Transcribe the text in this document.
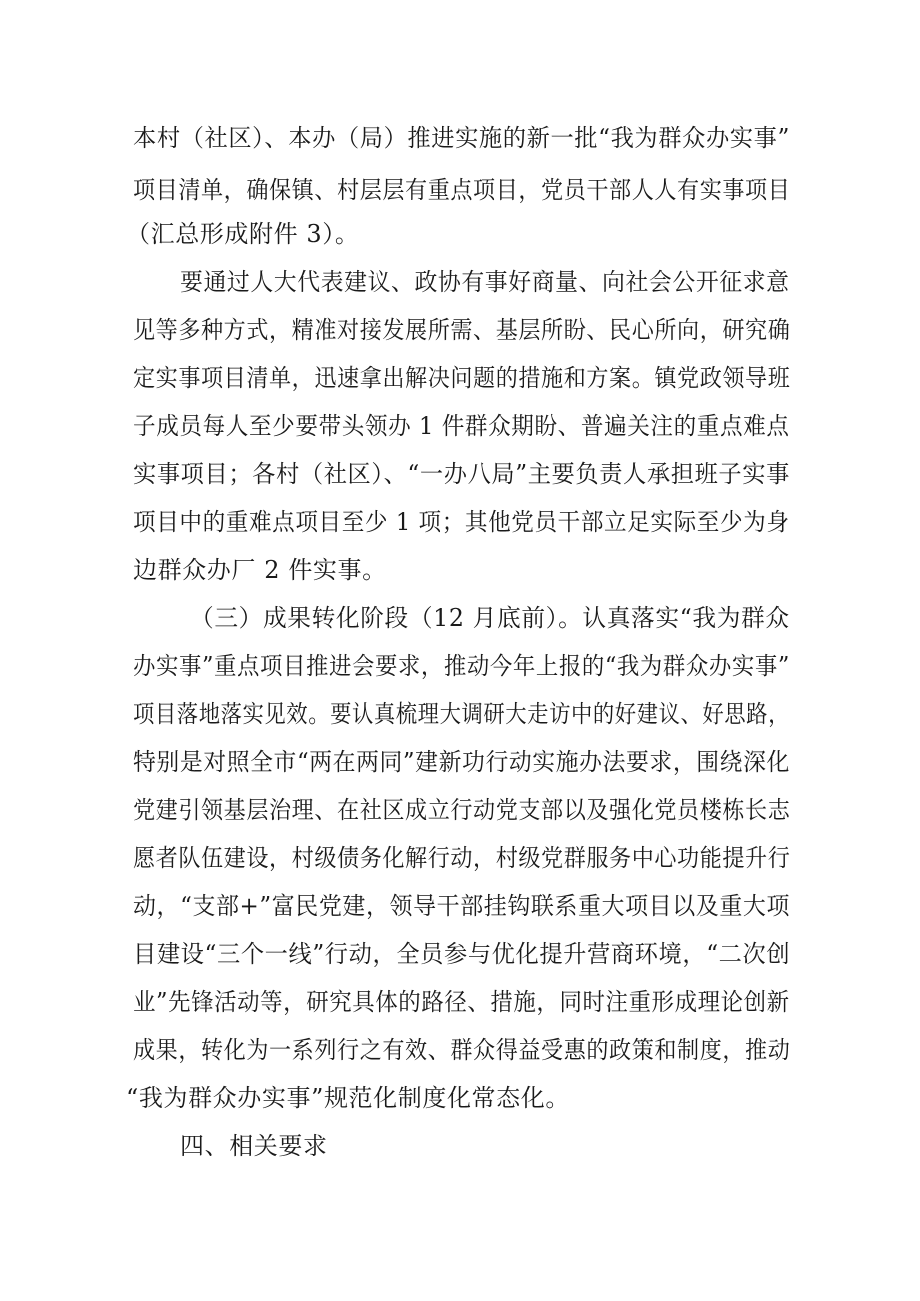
本村（社区）、本办（局）推进实施的新一批“我为群众办实事”
项目清单，确保镇、村层层有重点项目，党员干部人人有实事项目
（汇总形成附件 3）。
要通过人大代表建议、政协有事好商量、向社会公开征求意
见等多种方式，精准对接发展所需、基层所盼、民心所向，研究确
定实事项目清单，迅速拿出解决问题的措施和方案。镇党政领导班
子成员每人至少要带头领办 1 件群众期盼、普遍关注的重点难点
实事项目；各村（社区）、“一办八局”主要负责人承担班子实事
项目中的重难点项目至少 1 项；其他党员干部立足实际至少为身
边群众办厂 2 件实事。
（三）成果转化阶段（12 月底前）。认真落实“我为群众
办实事”重点项目推进会要求，推动今年上报的“我为群众办实事”
项目落地落实见效。要认真梳理大调研大走访中的好建议、好思路，
特别是对照全市“两在两同”建新功行动实施办法要求，围绕深化
党建引领基层治理、在社区成立行动党支部以及强化党员楼栋长志
愿者队伍建设，村级债务化解行动，村级党群服务中心功能提升行
动，“支部+”富民党建，领导干部挂钩联系重大项目以及重大项
目建设“三个一线”行动，全员参与优化提升营商环境，“二次创
业”先锋活动等，研究具体的路径、措施，同时注重形成理论创新
成果，转化为一系列行之有效、群众得益受惠的政策和制度，推动
“我为群众办实事”规范化制度化常态化。
四、相关要求
